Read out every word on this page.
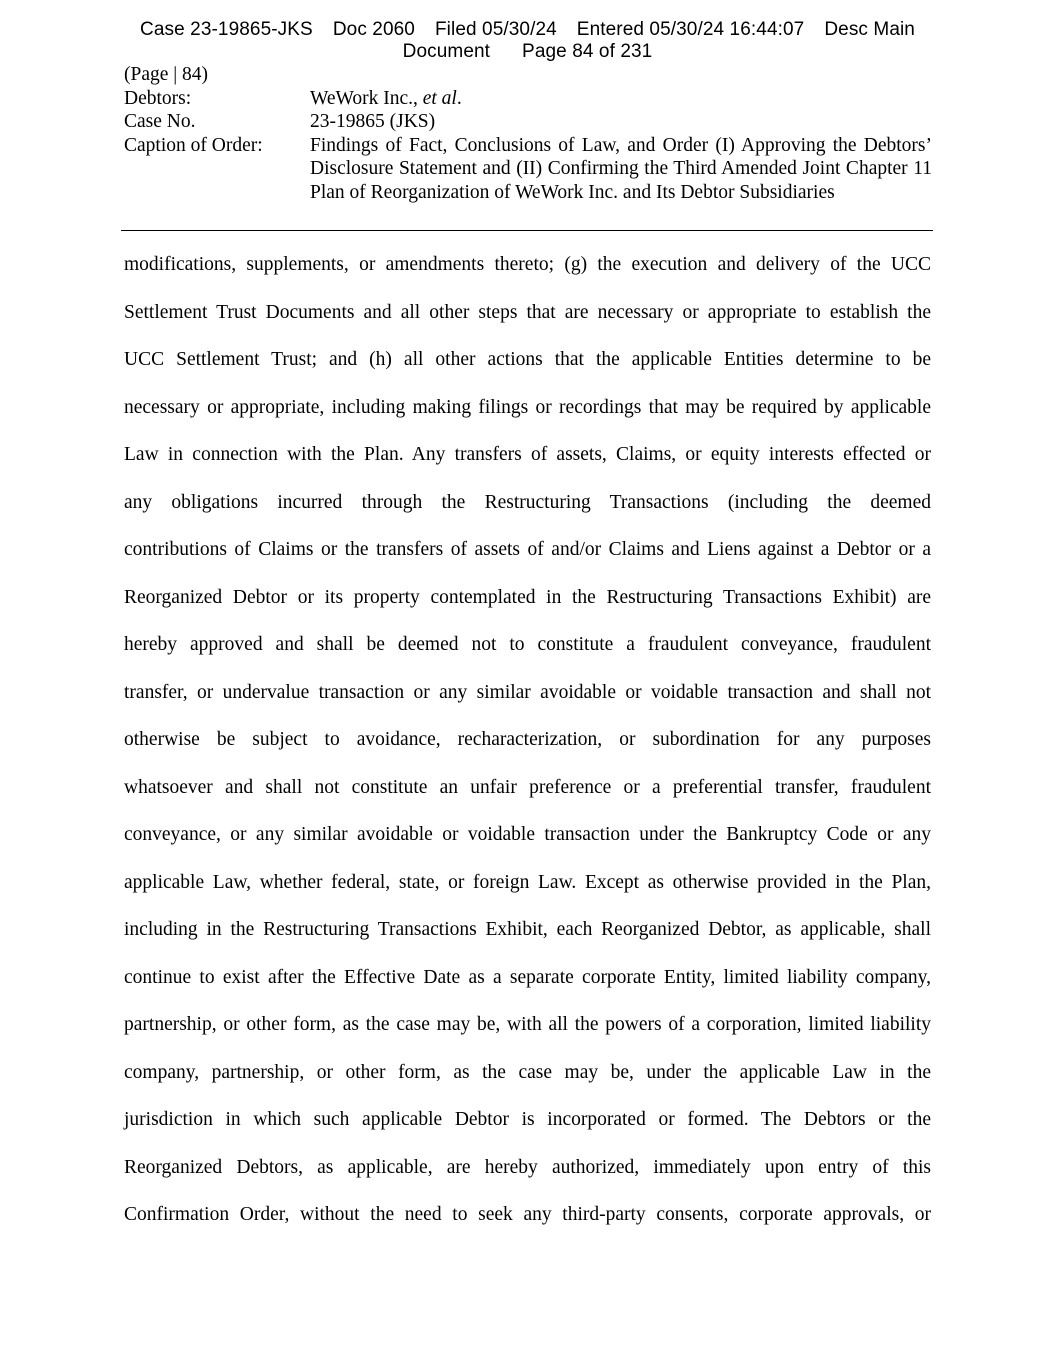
Case 23-19865-JKS Doc 2060 Filed 05/30/24 Entered 05/30/24 16:44:07 Desc Main
Document Page 84 of 231
(Page | 84)
Debtors:	WeWork Inc., et al.
Case No.	23-19865 (JKS)
Caption of Order:	Findings of Fact, Conclusions of Law, and Order (I) Approving the Debtors’ Disclosure Statement and (II) Confirming the Third Amended Joint Chapter 11 Plan of Reorganization of WeWork Inc. and Its Debtor Subsidiaries
modifications, supplements, or amendments thereto; (g) the execution and delivery of the UCC
Settlement Trust Documents and all other steps that are necessary or appropriate to establish the
UCC Settlement Trust; and (h) all other actions that the applicable Entities determine to be
necessary or appropriate, including making filings or recordings that may be required by applicable
Law in connection with the Plan. Any transfers of assets, Claims, or equity interests effected or
any obligations incurred through the Restructuring Transactions (including the deemed
contributions of Claims or the transfers of assets of and/or Claims and Liens against a Debtor or a
Reorganized Debtor or its property contemplated in the Restructuring Transactions Exhibit) are
hereby approved and shall be deemed not to constitute a fraudulent conveyance, fraudulent
transfer, or undervalue transaction or any similar avoidable or voidable transaction and shall not
otherwise be subject to avoidance, recharacterization, or subordination for any purposes
whatsoever and shall not constitute an unfair preference or a preferential transfer, fraudulent
conveyance, or any similar avoidable or voidable transaction under the Bankruptcy Code or any
applicable Law, whether federal, state, or foreign Law. Except as otherwise provided in the Plan,
including in the Restructuring Transactions Exhibit, each Reorganized Debtor, as applicable, shall
continue to exist after the Effective Date as a separate corporate Entity, limited liability company,
partnership, or other form, as the case may be, with all the powers of a corporation, limited liability
company, partnership, or other form, as the case may be, under the applicable Law in the
jurisdiction in which such applicable Debtor is incorporated or formed. The Debtors or the
Reorganized Debtors, as applicable, are hereby authorized, immediately upon entry of this
Confirmation Order, without the need to seek any third-party consents, corporate approvals, or
